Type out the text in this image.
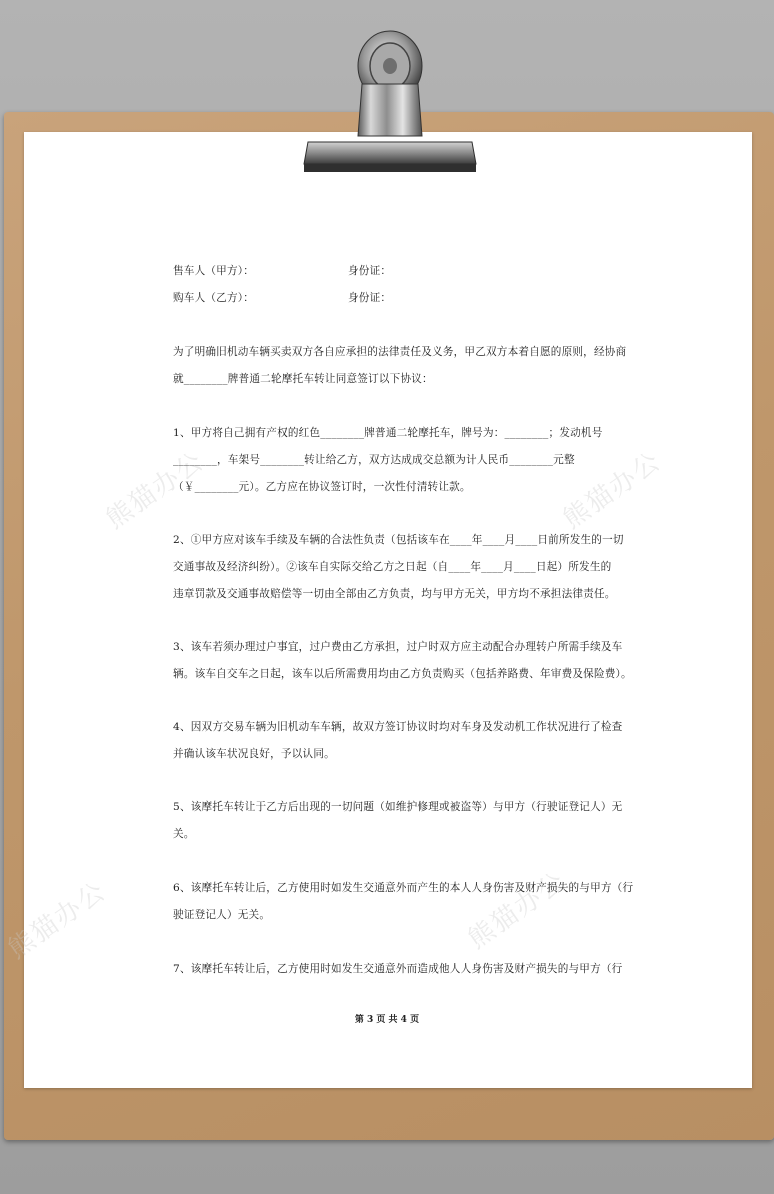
熊猫办公	熊猫办公
熊猫办公	熊猫办公
售车人（甲方）：	身份证：
购车人（乙方）：	身份证：
为了明确旧机动车辆买卖双方各自应承担的法律责任及义务，甲乙双方本着自愿的原则，经协商
就________牌普通二轮摩托车转让同意签订以下协议：
1、甲方将自己拥有产权的红色________牌普通二轮摩托车，牌号为：________；发动机号
________，车架号________转让给乙方，双方达成成交总额为计人民币________元整
（￥________元）。乙方应在协议签订时，一次性付清转让款。
2、①甲方应对该车手续及车辆的合法性负责（包括该车在____年____月____日前所发生的一切
交通事故及经济纠纷）。②该车自实际交给乙方之日起（自____年____月____日起）所发生的
违章罚款及交通事故赔偿等一切由全部由乙方负责，均与甲方无关，甲方均不承担法律责任。
3、该车若须办理过户事宜，过户费由乙方承担，过户时双方应主动配合办理转户所需手续及车
辆。该车自交车之日起，该车以后所需费用均由乙方负责购买（包括养路费、年审费及保险费）。
4、因双方交易车辆为旧机动车车辆，故双方签订协议时均对车身及发动机工作状况进行了检查
并确认该车状况良好，予以认同。
5、该摩托车转让于乙方后出现的一切问题（如维护修理或被盗等）与甲方（行驶证登记人）无
关。
6、该摩托车转让后，乙方使用时如发生交通意外而产生的本人人身伤害及财产损失的与甲方（行
驶证登记人）无关。
7、该摩托车转让后，乙方使用时如发生交通意外而造成他人人身伤害及财产损失的与甲方（行
第 3 页 共 4 页
